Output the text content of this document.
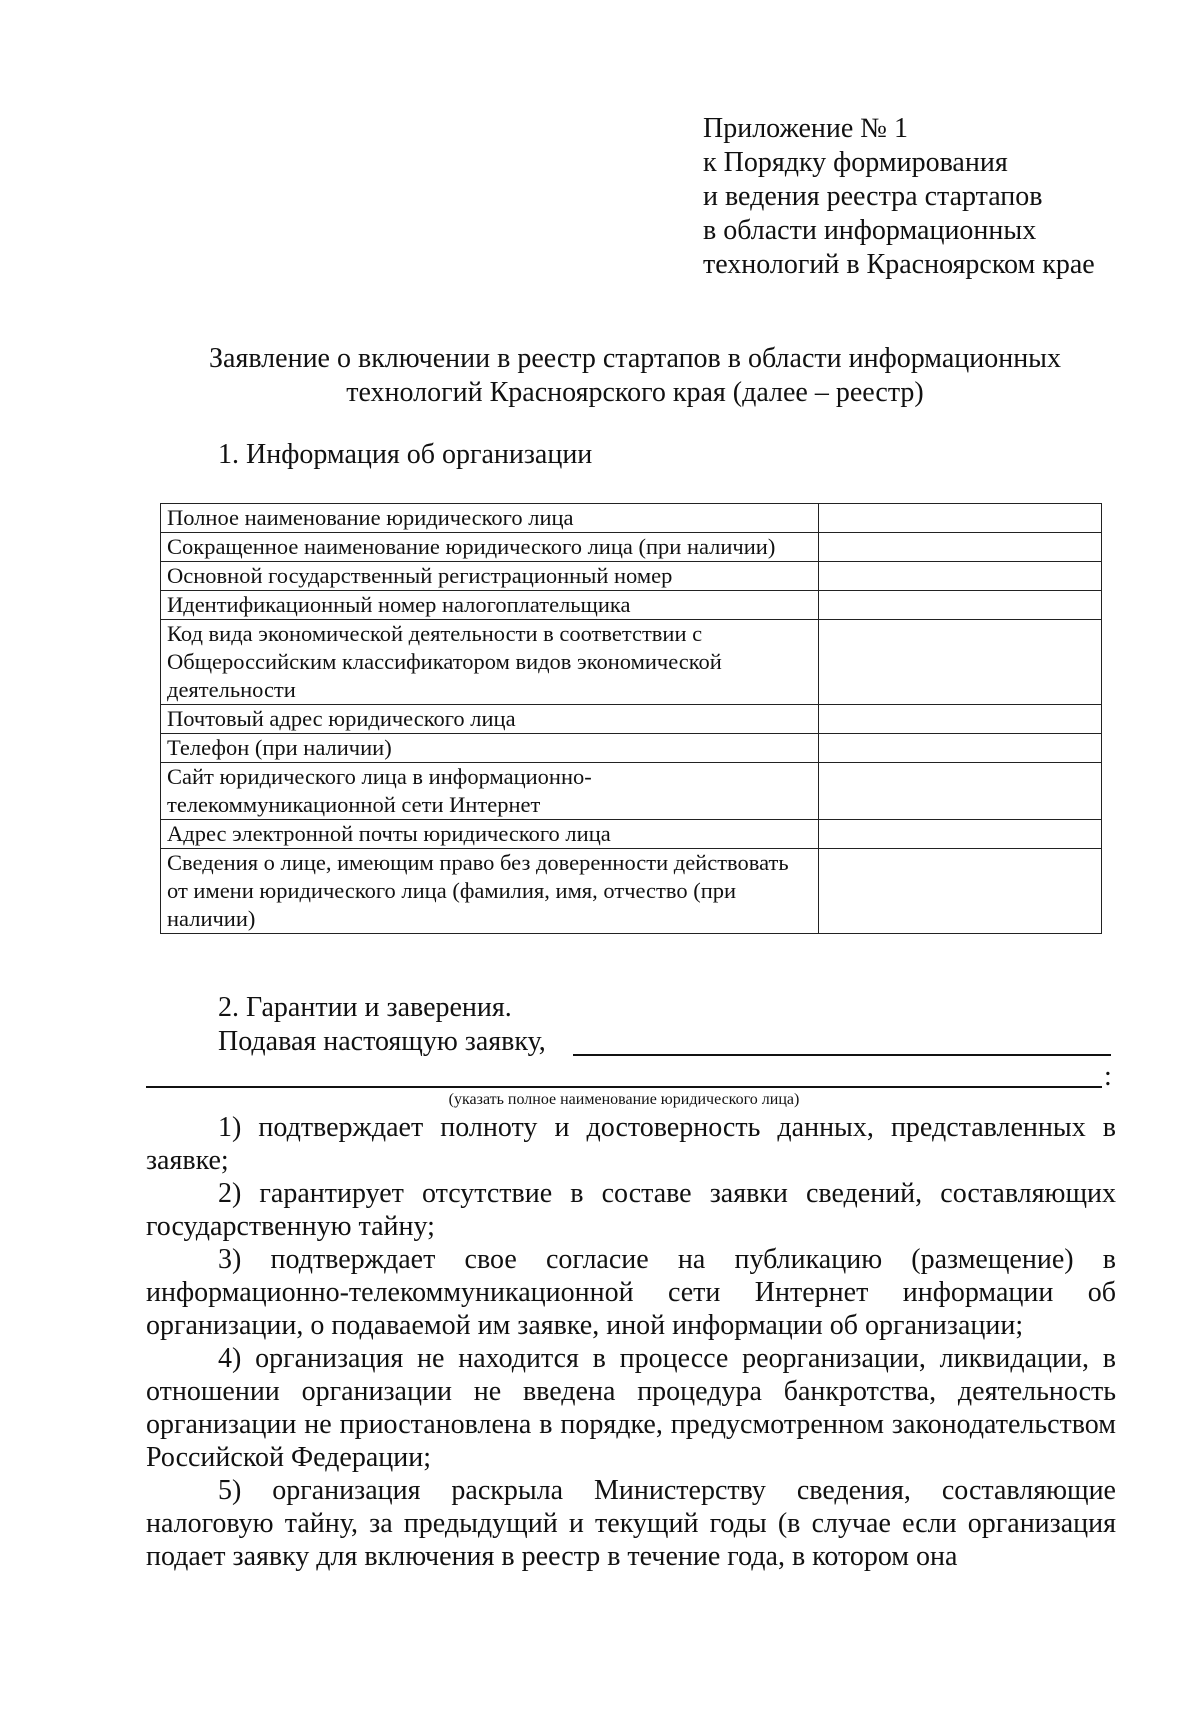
Приложение № 1
к Порядку формирования
и ведения реестра стартапов
в области информационных
технологий в Красноярском крае
Заявление о включении в реестр стартапов в области информационных
технологий Красноярского края (далее – реестр)
1. Информация об организации
Полное наименование юридического лица	
Сокращенное наименование юридического лица (при наличии)	
Основной государственный регистрационный номер	
Идентификационный номер налогоплательщика	
Код вида экономической деятельности в соответствии с Общероссийским классификатором видов экономической деятельности	
Почтовый адрес юридического лица	
Телефон (при наличии)	
Сайт юридического лица в информационно-телекоммуникационной сети Интернет	
Адрес электронной почты юридического лица	
Сведения о лице, имеющим право без доверенности действовать от имени юридического лица (фамилия, имя, отчество (при наличии)	
2. Гарантии и заверения.
Подавая настоящую заявку,
:
(указать полное наименование юридического лица)
1) подтверждает полноту и достоверность данных, представленных в заявке;
2) гарантирует отсутствие в составе заявки сведений, составляющих государственную тайну;
3) подтверждает свое согласие на публикацию (размещение) в информационно-телекоммуникационной сети Интернет информации об организации, о подаваемой им заявке, иной информации об организации;
4) организация не находится в процессе реорганизации, ликвидации, в отношении организации не введена процедура банкротства, деятельность организации не приостановлена в порядке, предусмотренном законодательством Российской Федерации;
5) организация раскрыла Министерству сведения, составляющие налоговую тайну, за предыдущий и текущий годы (в случае если организация подает заявку для включения в реестр в течение года, в котором она
